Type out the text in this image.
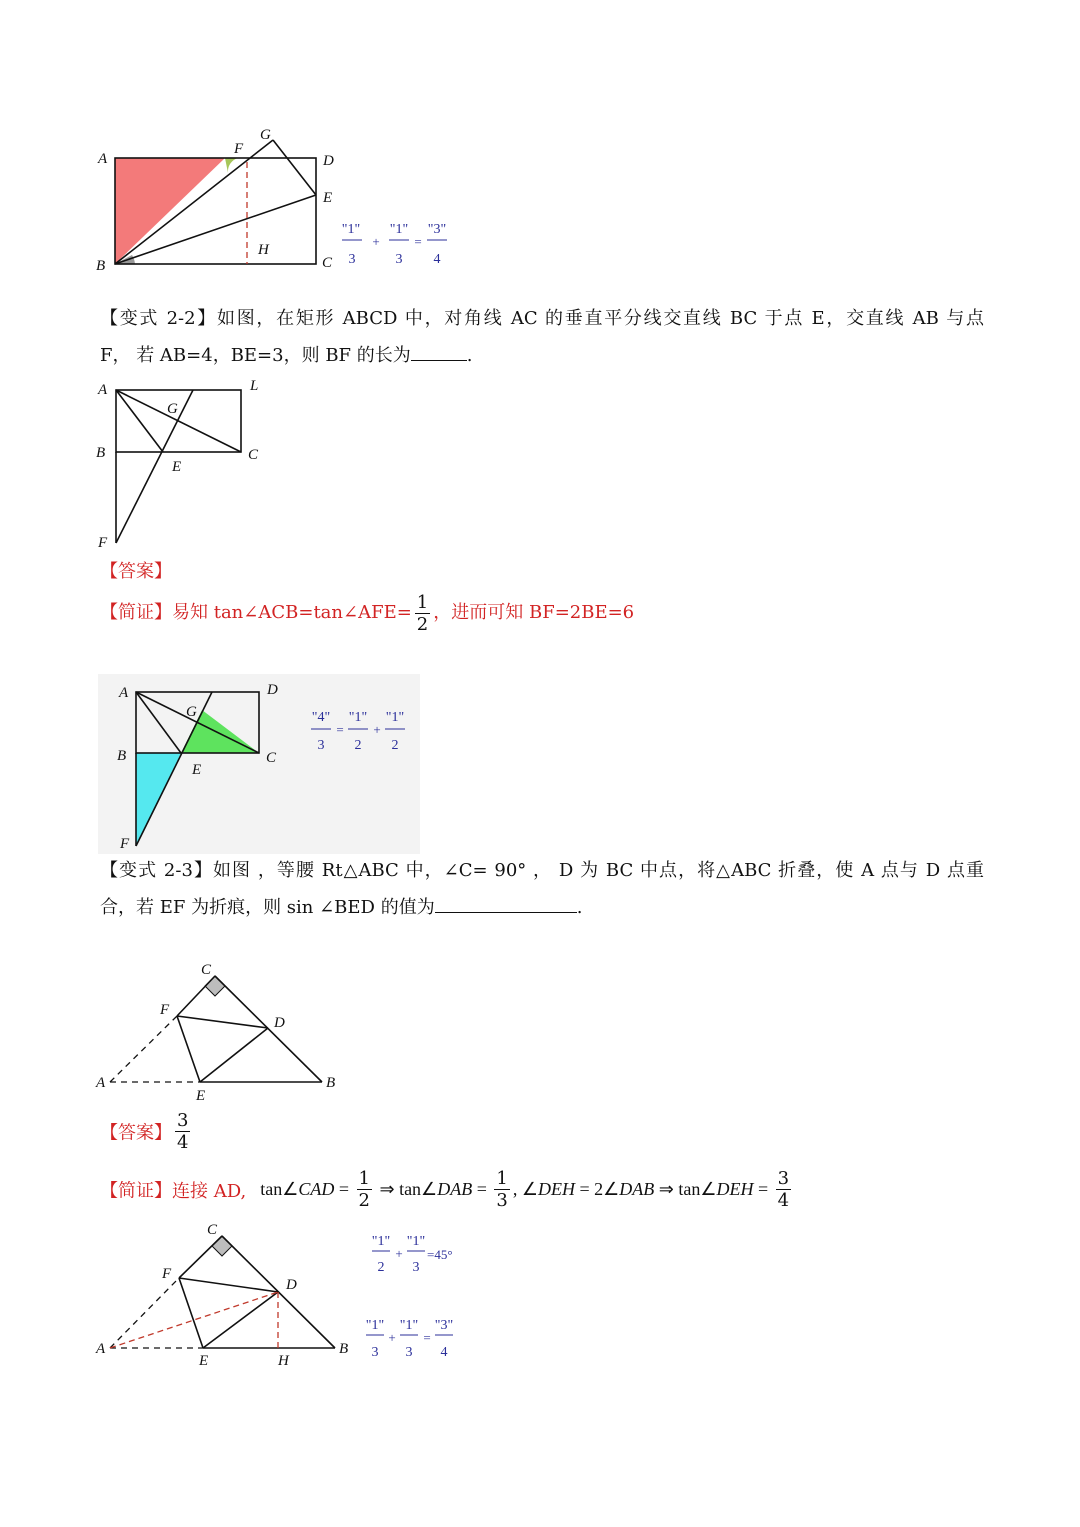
A
B	C
D
E
F
G
H
"1"
3
+
"1"
3
=
"3"
4
【变式 2-2】如图，在矩形 ABCD 中，对角线 AC 的垂直平分线交直线 BC 于点 E，交直线 AB 与点
F， 若 AB=4，BE=3，则 BF 的长为	.
A	L
G
B	C
E
F
【答案】
【简证】易知 tan∠ACB=tan∠AFE= $\frac{1}{2}$ ，进而可知 BF=2BE=6
A	D
G
B
E
C
F
"4"
3
=
"1"
2
+
"1"
2
【变式 2-3】如图 ，等腰 Rt△ABC 中，∠C= 90° ， D 为 BC 中点，将△ABC 折叠，使 A 点与 D 点重
合，若 EF 为折痕，则 sin ∠BED 的值为	.
C
F
D
A
E
B
【答案】 $\frac{3}{4}$
【简证】连接 AD, tan∠CAD = $\frac{1}{2}$ ⇒ tan∠DAB = $\frac{1}{3}$ , ∠DEH = 2∠DAB ⇒ tan∠DEH = $\frac{3}{4}$
C
F
D
A
E	H
B
"1"
2
+
"1"
3
=45°
"1"
3
+
"1"
3
=
"3"
4
